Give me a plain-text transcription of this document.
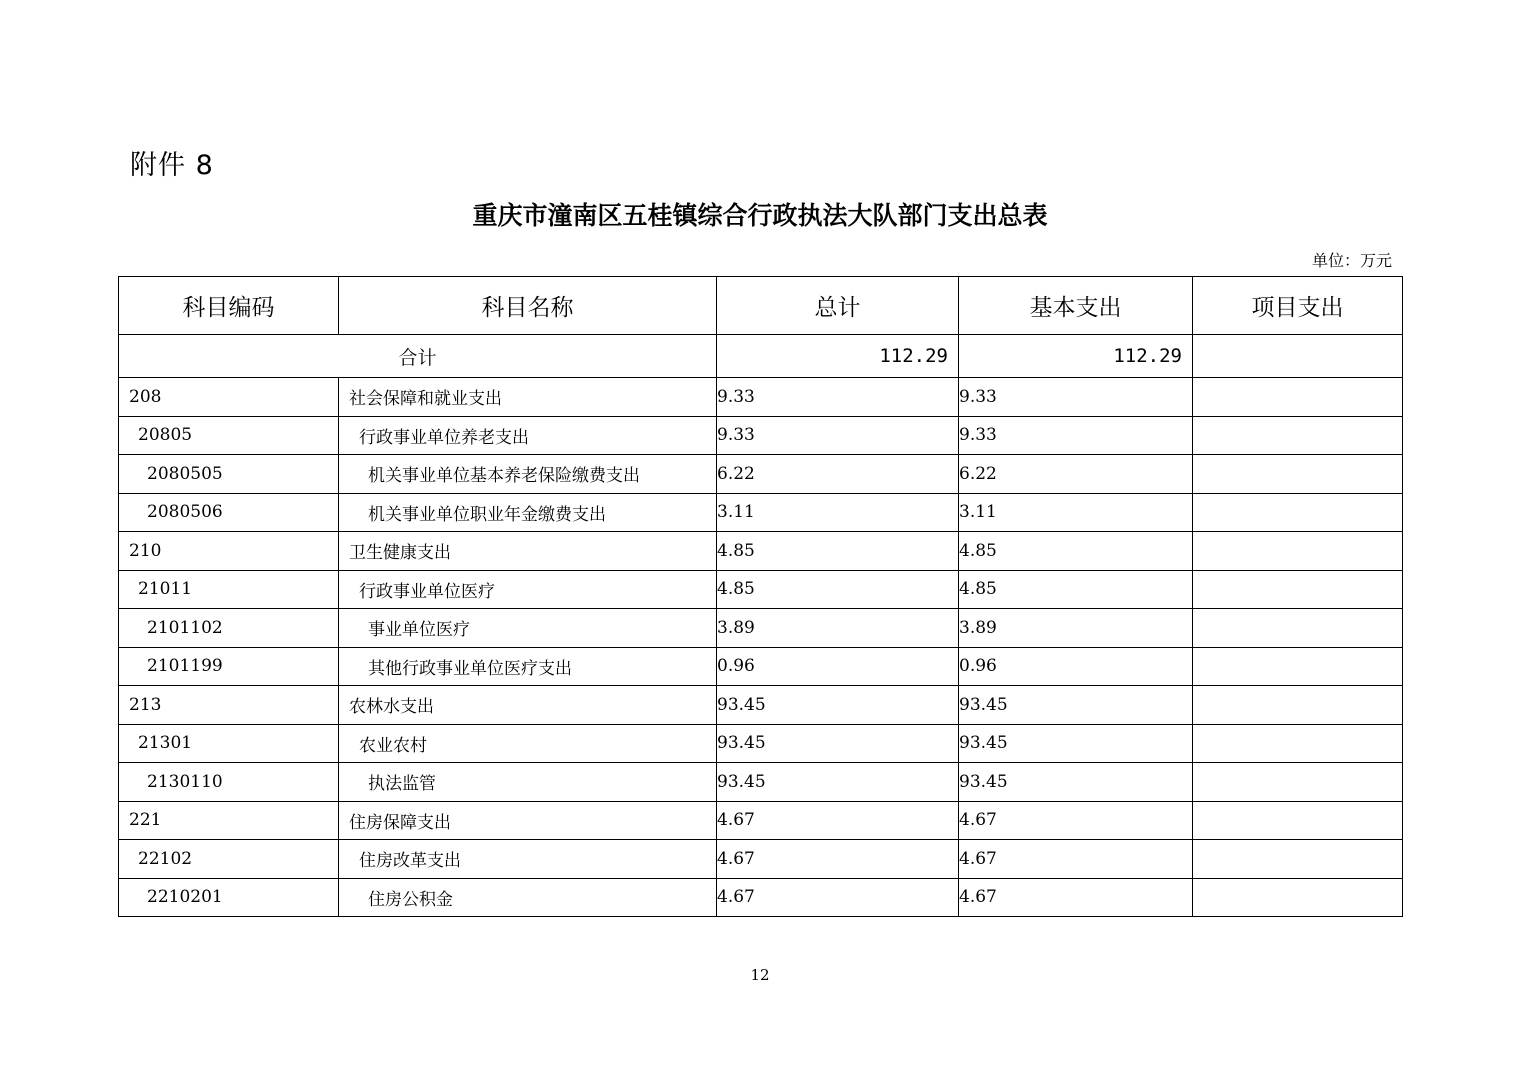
附件 8
重庆市潼南区五桂镇综合行政执法大队部门支出总表
单位：万元
科目编码	科目名称	总计	基本支出	项目支出
合计		112.29	112.29	
208	社会保障和就业支出	9.33	9.33	
20805	行政事业单位养老支出	9.33	9.33	
2080505	机关事业单位基本养老保险缴费支出	6.22	6.22	
2080506	机关事业单位职业年金缴费支出	3.11	3.11	
210	卫生健康支出	4.85	4.85	
21011	行政事业单位医疗	4.85	4.85	
2101102	事业单位医疗	3.89	3.89	
2101199	其他行政事业单位医疗支出	0.96	0.96	
213	农林水支出	93.45	93.45	
21301	农业农村	93.45	93.45	
2130110	执法监管	93.45	93.45	
221	住房保障支出	4.67	4.67	
22102	住房改革支出	4.67	4.67	
2210201	住房公积金	4.67	4.67	
12
